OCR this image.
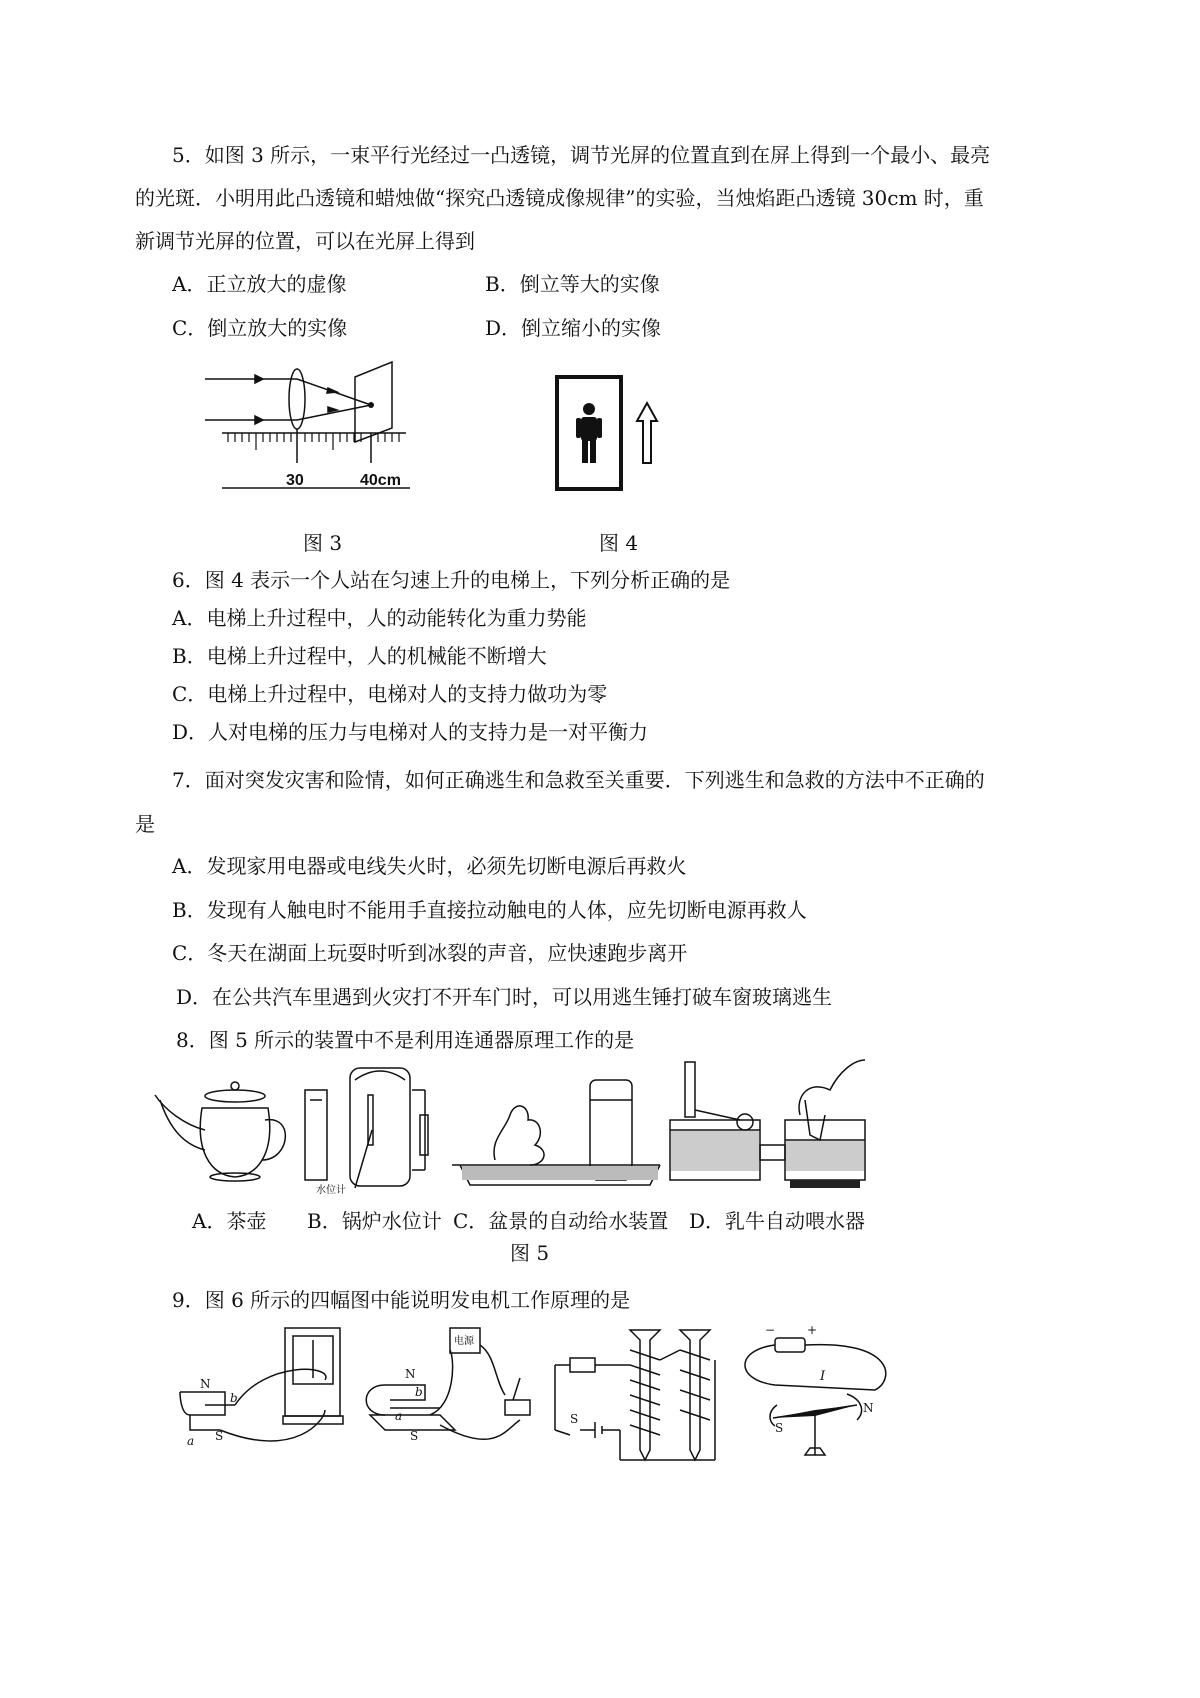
5．如图 3 所示，一束平行光经过一凸透镜，调节光屏的位置直到在屏上得到一个最小、最亮
的光斑．小明用此凸透镜和蜡烛做“探究凸透镜成像规律”的实验，当烛焰距凸透镜 30cm 时，重
新调节光屏的位置，可以在光屏上得到
A．正立放大的虚像	B．倒立等大的实像
C．倒立放大的实像	D．倒立缩小的实像
30	40cm
图 3	图 4
6．图 4 表示一个人站在匀速上升的电梯上，下列分析正确的是
A．电梯上升过程中，人的动能转化为重力势能
B．电梯上升过程中，人的机械能不断增大
C．电梯上升过程中，电梯对人的支持力做功为零
D．人对电梯的压力与电梯对人的支持力是一对平衡力
7．面对突发灾害和险情，如何正确逃生和急救至关重要．下列逃生和急救的方法中不正确的
是
A．发现家用电器或电线失火时，必须先切断电源后再救火
B．发现有人触电时不能用手直接拉动触电的人体，应先切断电源再救人
C．冬天在湖面上玩耍时听到冰裂的声音，应快速跑步离开
D．在公共汽车里遇到火灾打不开车门时，可以用逃生锤打破车窗玻璃逃生
8．图 5 所示的装置中不是利用连通器原理工作的是
水位计
A．茶壶 B．锅炉水位计 C．盆景的自动给水装置 D．乳牛自动喂水器
图 5
9．图 6 所示的四幅图中能说明发电机工作原理的是
N
S
a
b
N
S
a
b
电源
S
−	+
I
S
N
